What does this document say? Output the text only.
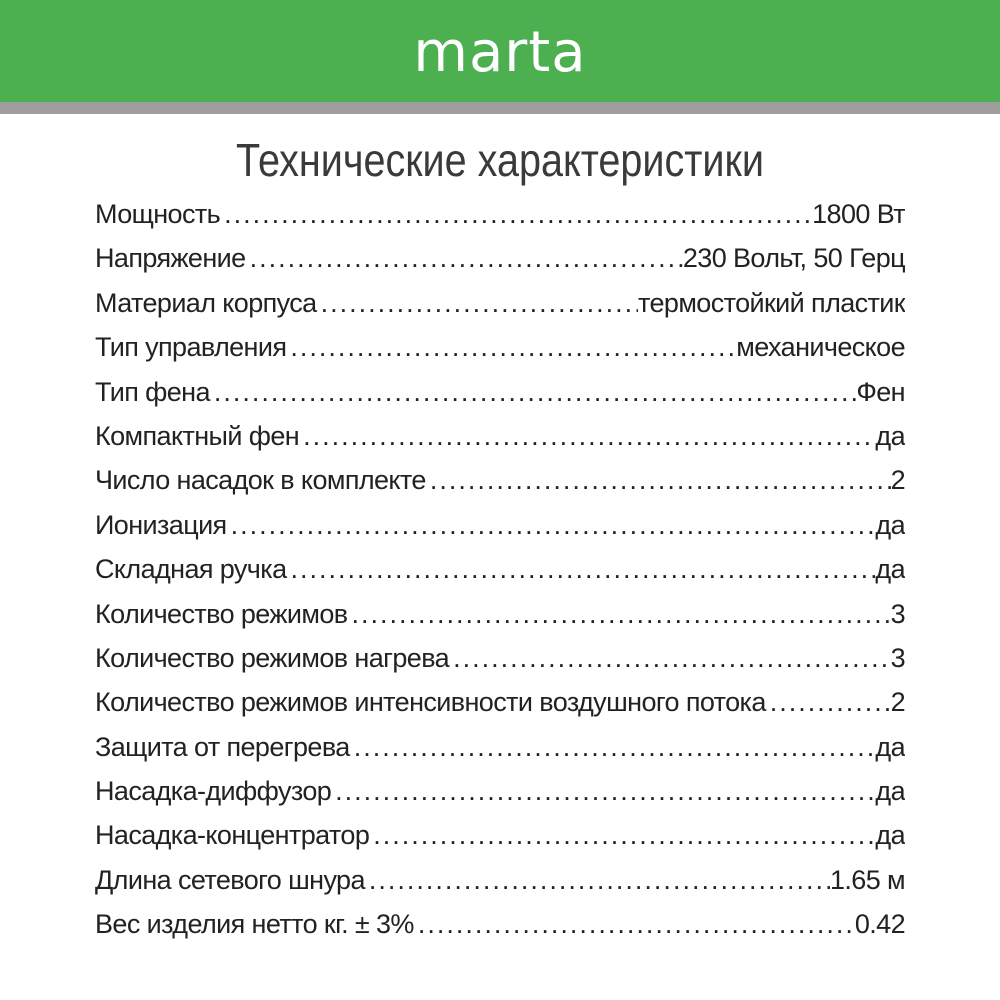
marta
Технические характеристики
Мощность .....	1800 Вт
Напряжение .....	230 Вольт, 50 Герц
Материал корпуса .....	термостойкий пластик
Тип управления .....	механическое
Тип фена .....	Фен
Компактный фен .....	да
Число насадок в комплекте .....	2
Ионизация .....	да
Складная ручка .....	да
Количество режимов .....	3
Количество режимов нагрева .....	3
Количество режимов интенсивности воздушного потока .....	2
Защита от перегрева .....	да
Насадка-диффузор .....	да
Насадка-концентратор .....	да
Длина сетевого шнура .....	1.65 м
Вес изделия нетто кг. ± 3% .....	0.42
